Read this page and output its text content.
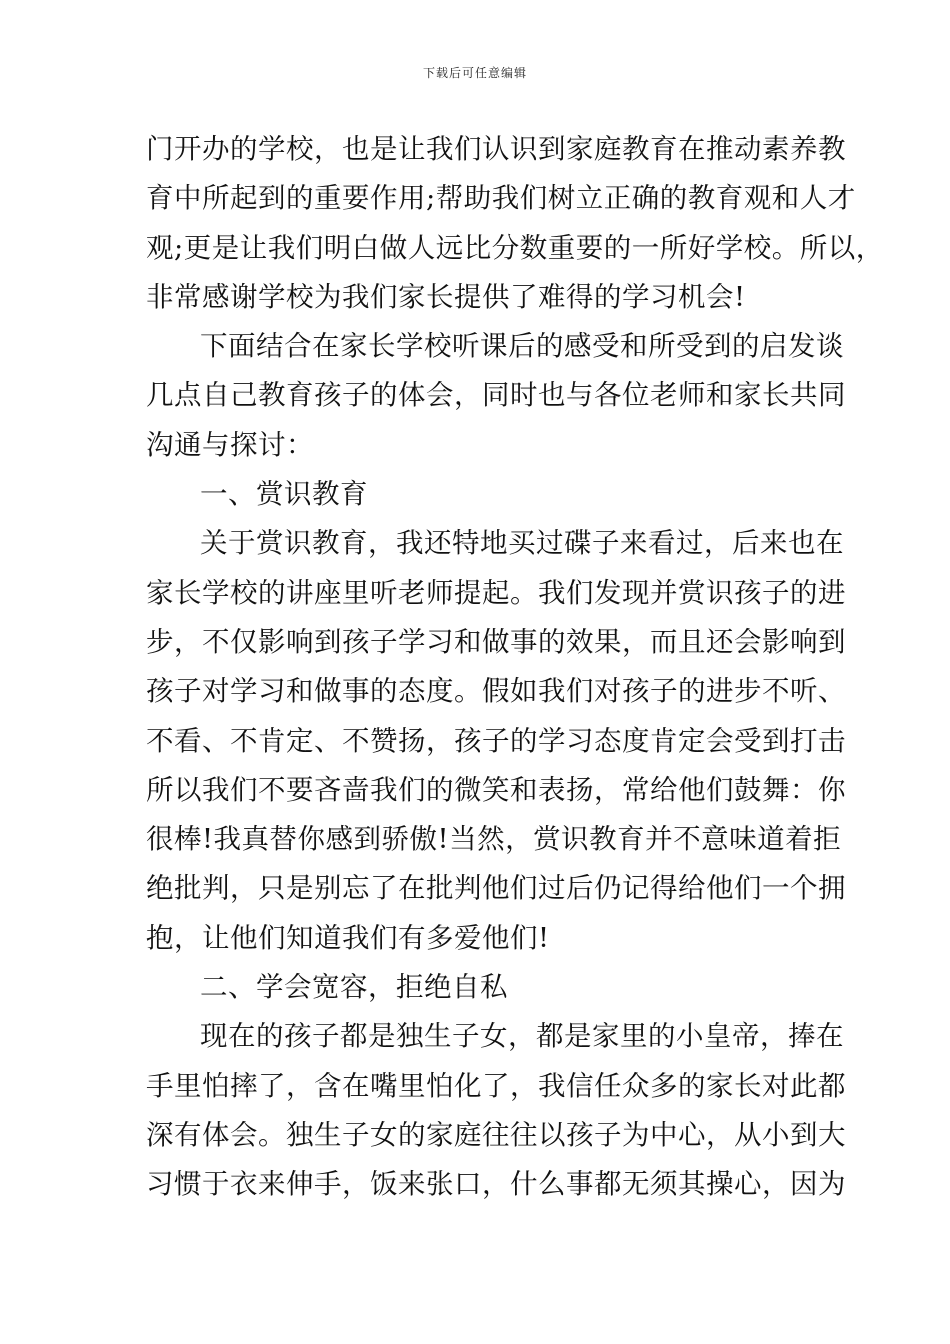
下载后可任意编辑
门开办的学校，也是让我们认识到家庭教育在推动素养教
育中所起到的重要作用;帮助我们树立正确的教育观和人才
观;更是让我们明白做人远比分数重要的一所好学校。所以，
非常感谢学校为我们家长提供了难得的学习机会!
下面结合在家长学校听课后的感受和所受到的启发谈
几点自己教育孩子的体会，同时也与各位老师和家长共同
沟通与探讨：
一、赏识教育
关于赏识教育，我还特地买过碟子来看过，后来也在
家长学校的讲座里听老师提起。我们发现并赏识孩子的进
步，不仅影响到孩子学习和做事的效果，而且还会影响到
孩子对学习和做事的态度。假如我们对孩子的进步不听、
不看、不肯定、不赞扬，孩子的学习态度肯定会受到打击
所以我们不要吝啬我们的微笑和表扬，常给他们鼓舞：你
很棒!我真替你感到骄傲!当然，赏识教育并不意味道着拒
绝批判，只是别忘了在批判他们过后仍记得给他们一个拥
抱，让他们知道我们有多爱他们!
二、学会宽容，拒绝自私
现在的孩子都是独生子女，都是家里的小皇帝，捧在
手里怕摔了，含在嘴里怕化了，我信任众多的家长对此都
深有体会。独生子女的家庭往往以孩子为中心，从小到大
习惯于衣来伸手，饭来张口，什么事都无须其操心，因为
